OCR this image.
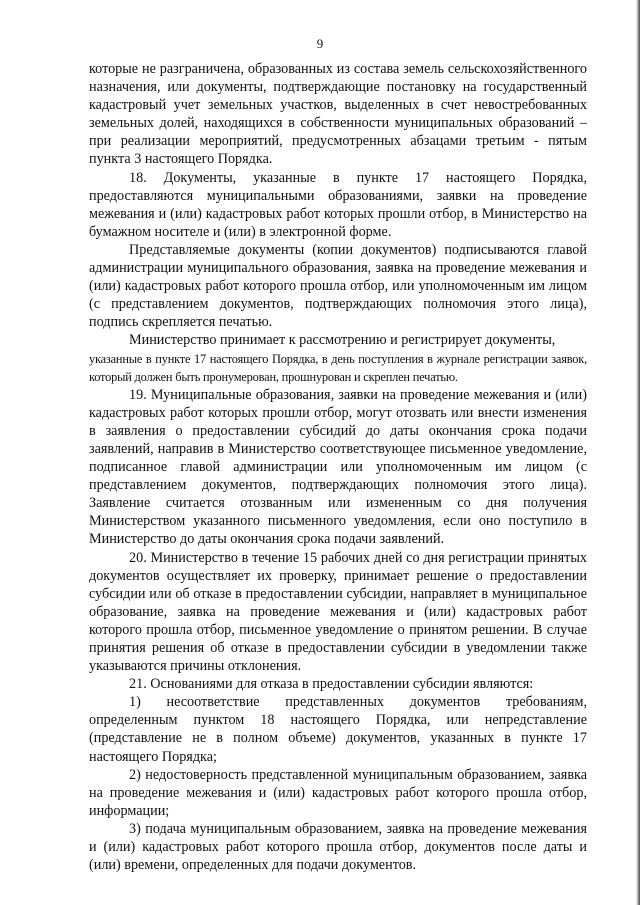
9

которые не разграничена, образованных из состава земель сельскохозяйственного назначения, или документы, подтверждающие постановку на государственный кадастровый учет земельных участков, выделенных в счет невостребованных земельных долей, находящихся в собственности муниципальных образований – при реализации мероприятий, предусмотренных абзацами третьим - пятым пункта 3 настоящего Порядка.

18. Документы, указанные в пункте 17 настоящего Порядка, предоставляются муниципальными образованиями, заявки на проведение межевания и (или) кадастровых работ которых прошли отбор, в Министерство на бумажном носителе и (или) в электронной форме.

Представляемые документы (копии документов) подписываются главой администрации муниципального образования, заявка на проведение межевания и (или) кадастровых работ которого прошла отбор, или уполномоченным им лицом (с представлением документов, подтверждающих полномочия этого лица), подпись скрепляется печатью.

Министерство принимает к рассмотрению и регистрирует документы,

указанные в пункте 17 настоящего Порядка, в день поступления в журнале регистрации заявок, который должен быть пронумерован, прошнурован и скреплен печатью.

19. Муниципальные образования, заявки на проведение межевания и (или) кадастровых работ которых прошли отбор, могут отозвать или внести изменения в заявления о предоставлении субсидий до даты окончания срока подачи заявлений, направив в Министерство соответствующее письменное уведомление, подписанное главой администрации или уполномоченным им лицом (с представлением документов, подтверждающих полномочия этого лица). Заявление считается отозванным или измененным со дня получения Министерством указанного письменного уведомления, если оно поступило в Министерство до даты окончания срока подачи заявлений.

20. Министерство в течение 15 рабочих дней со дня регистрации принятых документов осуществляет их проверку, принимает решение о предоставлении субсидии или об отказе в предоставлении субсидии, направляет в муниципальное образование, заявка на проведение межевания и (или) кадастровых работ которого прошла отбор, письменное уведомление о принятом решении. В случае принятия решения об отказе в предоставлении субсидии в уведомлении также указываются причины отклонения.

21. Основаниями для отказа в предоставлении субсидии являются:

1) несоответствие представленных документов требованиям, определенным пунктом 18 настоящего Порядка, или непредставление (представление не в полном объеме) документов, указанных в пункте 17 настоящего Порядка;

2) недостоверность представленной муниципальным образованием, заявка на проведение межевания и (или) кадастровых работ которого прошла отбор, информации;

3) подача муниципальным образованием, заявка на проведение межевания и (или) кадастровых работ которого прошла отбор, документов после даты и (или) времени, определенных для подачи документов.
